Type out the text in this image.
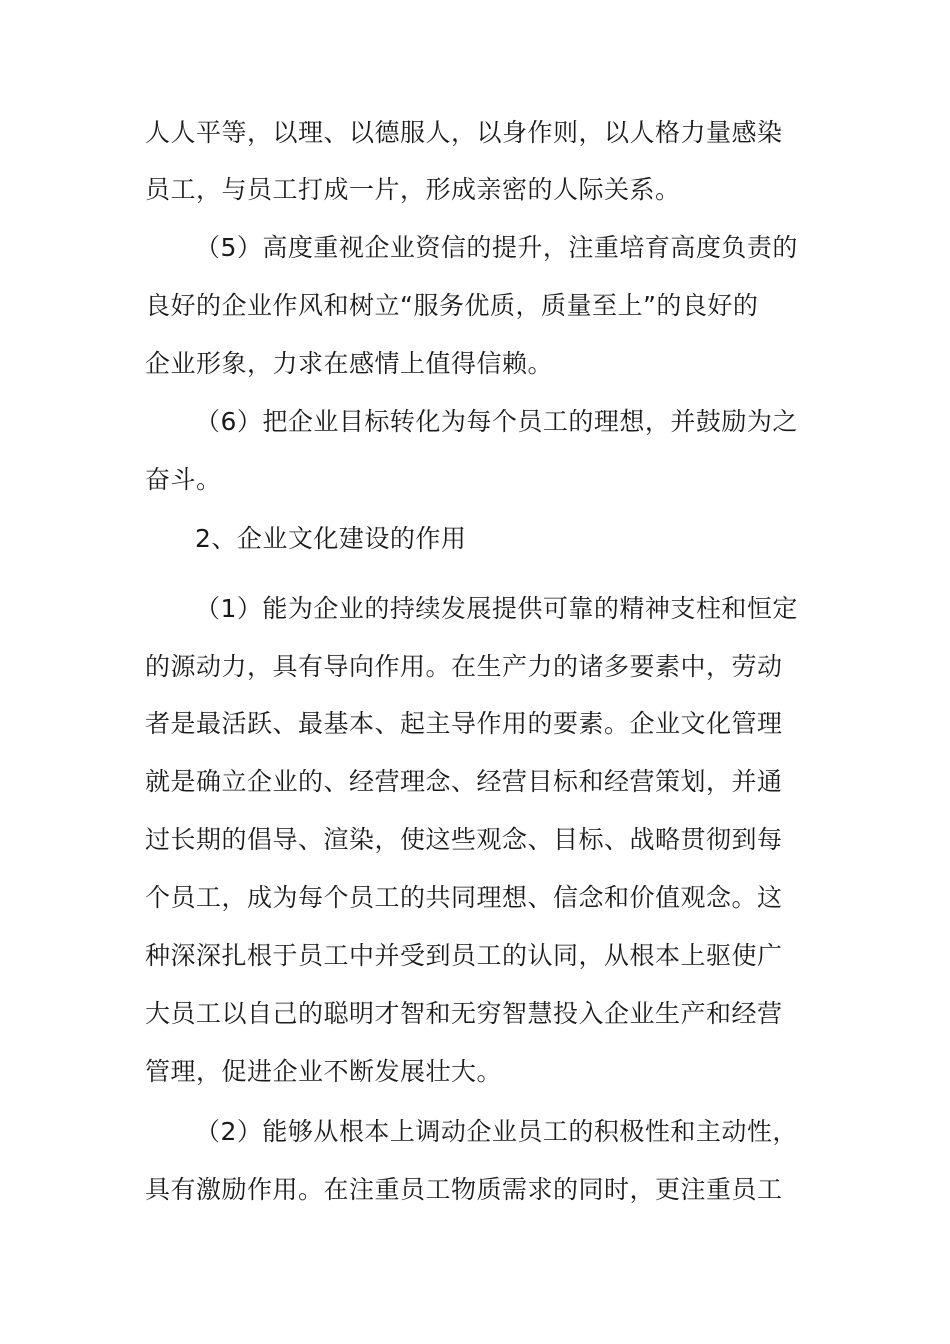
人人平等，以理、以德服人，以身作则，以人格力量感染
员工，与员工打成一片，形成亲密的人际关系。
（5）高度重视企业资信的提升，注重培育高度负责的
良好的企业作风和树立“服务优质，质量至上”的良好的
企业形象，力求在感情上值得信赖。
（6）把企业目标转化为每个员工的理想，并鼓励为之
奋斗。
2、企业文化建设的作用
（1）能为企业的持续发展提供可靠的精神支柱和恒定
的源动力，具有导向作用。在生产力的诸多要素中，劳动
者是最活跃、最基本、起主导作用的要素。企业文化管理
就是确立企业的、经营理念、经营目标和经营策划，并通
过长期的倡导、渲染，使这些观念、目标、战略贯彻到每
个员工，成为每个员工的共同理想、信念和价值观念。这
种深深扎根于员工中并受到员工的认同，从根本上驱使广
大员工以自己的聪明才智和无穷智慧投入企业生产和经营
管理，促进企业不断发展壮大。
（2）能够从根本上调动企业员工的积极性和主动性，
具有激励作用。在注重员工物质需求的同时，更注重员工
